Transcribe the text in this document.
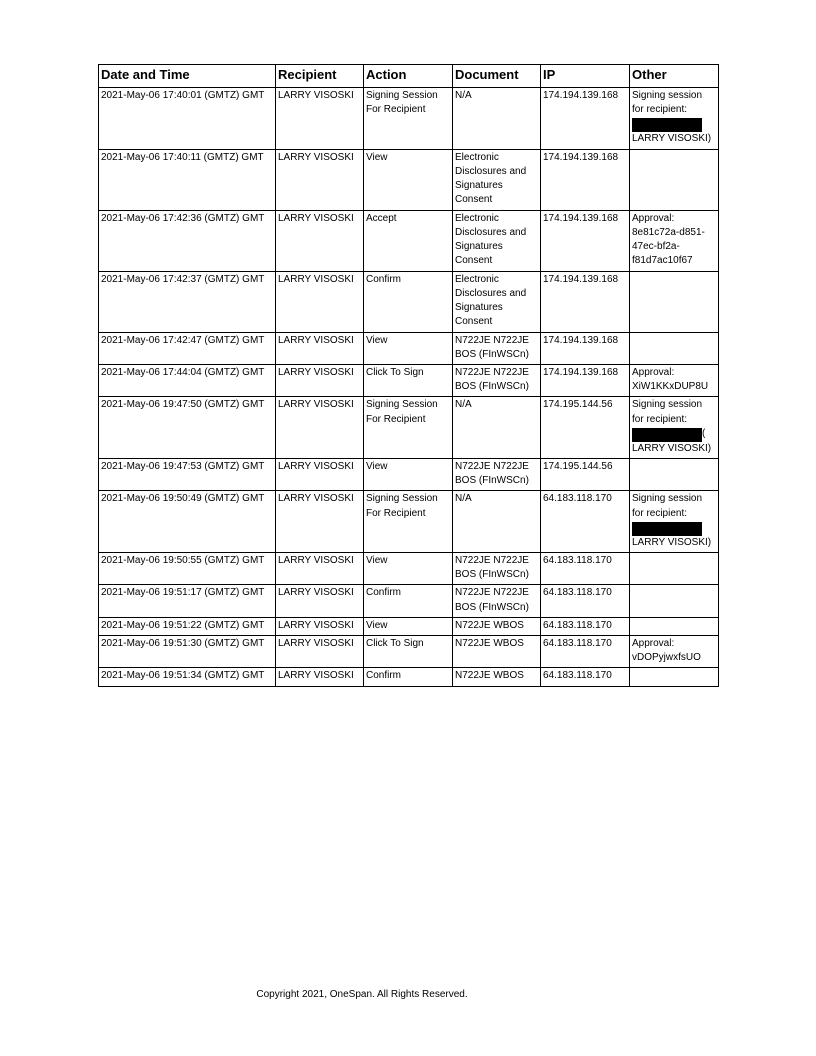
Date and Time	Recipient	Action	Document	IP	Other
2021-May-06 17:40:01 (GMTZ) GMT	LARRY VISOSKI	Signing Session For Recipient	N/A	174.194.139.168	Signing session for recipient:

LARRY VISOSKI)
2021-May-06 17:40:11 (GMTZ) GMT	LARRY VISOSKI	View	Electronic Disclosures and Signatures Consent	174.194.139.168	
2021-May-06 17:42:36 (GMTZ) GMT	LARRY VISOSKI	Accept	Electronic Disclosures and Signatures Consent	174.194.139.168	Approval: 8e81c72a-d851-47ec-bf2a-f81d7ac10f67
2021-May-06 17:42:37 (GMTZ) GMT	LARRY VISOSKI	Confirm	Electronic Disclosures and Signatures Consent	174.194.139.168	
2021-May-06 17:42:47 (GMTZ) GMT	LARRY VISOSKI	View	N722JE N722JE BOS (FInWSCn)	174.194.139.168	
2021-May-06 17:44:04 (GMTZ) GMT	LARRY VISOSKI	Click To Sign	N722JE N722JE BOS (FInWSCn)	174.194.139.168	Approval: XiW1KKxDUP8U
2021-May-06 19:47:50 (GMTZ) GMT	LARRY VISOSKI	Signing Session For Recipient	N/A	174.195.144.56	Signing session for recipient:
(
LARRY VISOSKI)
2021-May-06 19:47:53 (GMTZ) GMT	LARRY VISOSKI	View	N722JE N722JE BOS (FInWSCn)	174.195.144.56	
2021-May-06 19:50:49 (GMTZ) GMT	LARRY VISOSKI	Signing Session For Recipient	N/A	64.183.118.170	Signing session for recipient:

LARRY VISOSKI)
2021-May-06 19:50:55 (GMTZ) GMT	LARRY VISOSKI	View	N722JE N722JE BOS (FInWSCn)	64.183.118.170	
2021-May-06 19:51:17 (GMTZ) GMT	LARRY VISOSKI	Confirm	N722JE N722JE BOS (FInWSCn)	64.183.118.170	
2021-May-06 19:51:22 (GMTZ) GMT	LARRY VISOSKI	View	N722JE WBOS	64.183.118.170	
2021-May-06 19:51:30 (GMTZ) GMT	LARRY VISOSKI	Click To Sign	N722JE WBOS	64.183.118.170	Approval: vDOPyjwxfsUO
2021-May-06 19:51:34 (GMTZ) GMT	LARRY VISOSKI	Confirm	N722JE WBOS	64.183.118.170	
Copyright 2021, OneSpan. All Rights Reserved.
